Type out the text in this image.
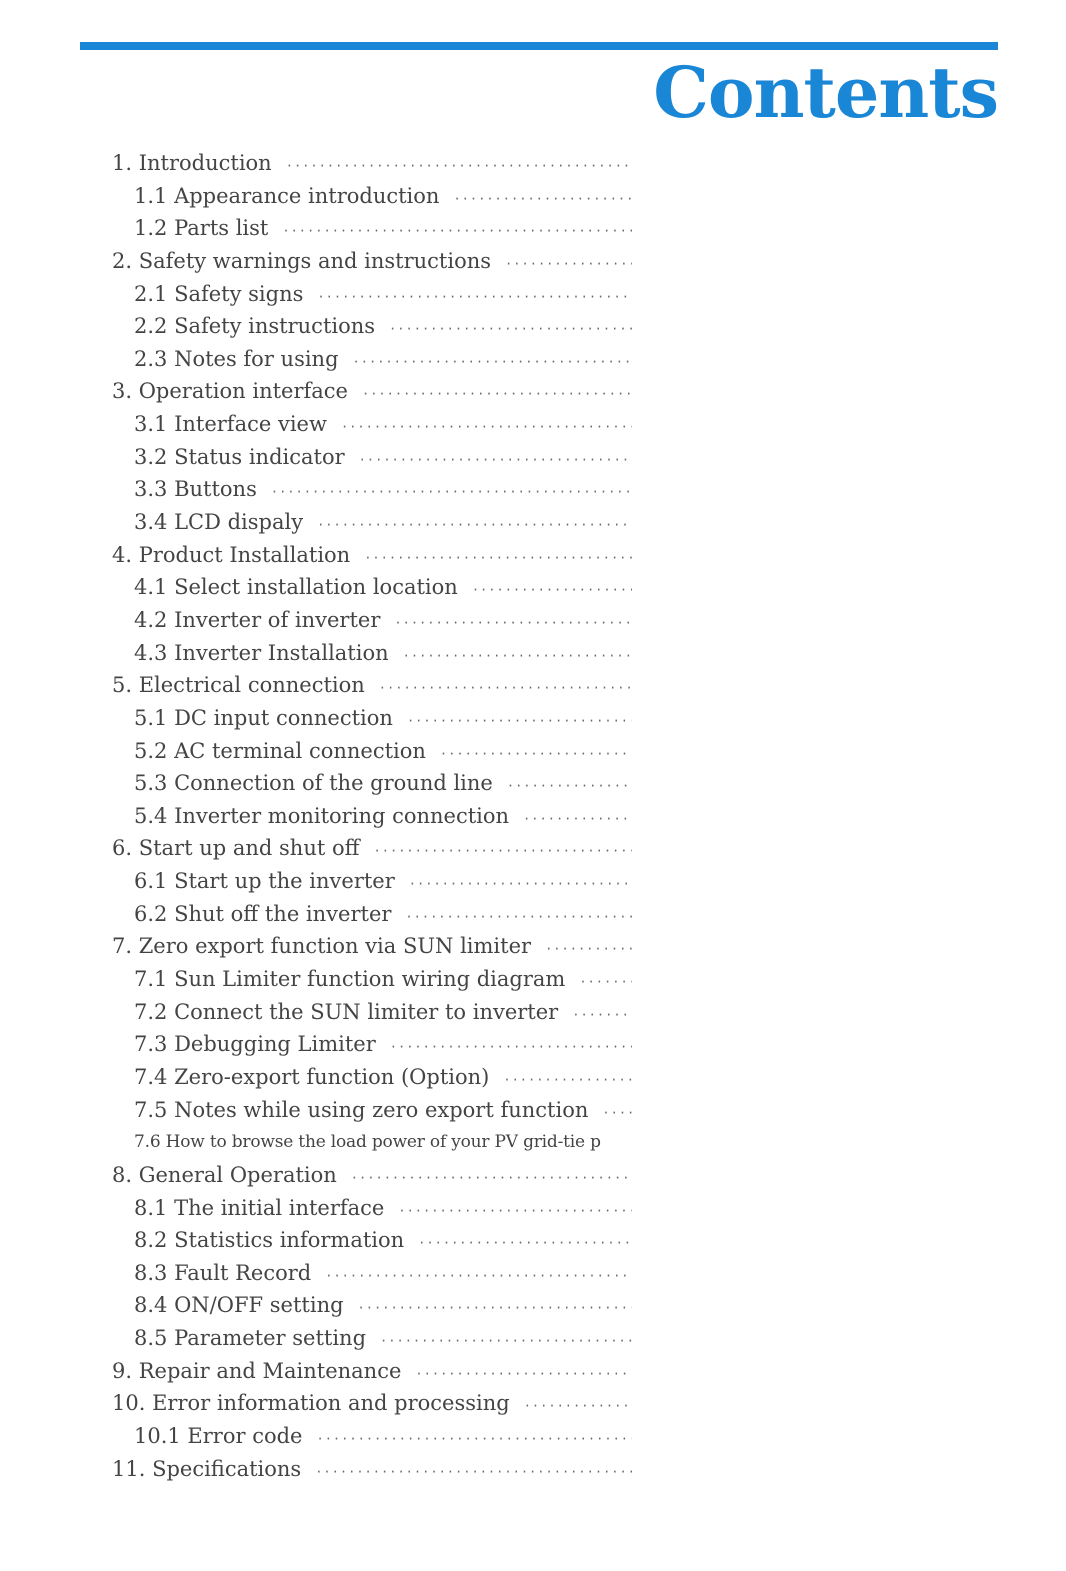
Contents
1. Introduction
·····
1.1 Appearance introduction
·····
1.2 Parts list
·····
2. Safety warnings and instructions
·····
2.1 Safety signs
·····
2.2 Safety instructions
·····
2.3 Notes for using
·····
3. Operation interface
·····
3.1 Interface view
·····
3.2 Status indicator
·····
3.3 Buttons
·····
3.4 LCD dispaly
·····
4. Product Installation
·····
4.1 Select installation location
·····
4.2 Inverter of inverter
·····
4.3 Inverter Installation
·····
5. Electrical connection
·····
5.1 DC input connection
·····
5.2 AC terminal connection
·····
5.3 Connection of the ground line
·····
5.4 Inverter monitoring connection
·····
6. Start up and shut off
·····
6.1 Start up the inverter
·····
6.2 Shut off the inverter
·····
7. Zero export function via SUN limiter
·····
7.1 Sun Limiter function wiring diagram
·····
7.2 Connect the SUN limiter to inverter
·····
7.3 Debugging Limiter
·····
7.4 Zero-export function (Option)
·····
7.5 Notes while using zero export function
·····
7.6 How to browse the load power of your PV grid-tie p
8. General Operation
·····
8.1 The initial interface
·····
8.2 Statistics information
·····
8.3 Fault Record
·····
8.4 ON/OFF setting
·····
8.5 Parameter setting
·····
9. Repair and Maintenance
·····
10. Error information and processing
·····
10.1 Error code
·····
11. Specifications
·····
